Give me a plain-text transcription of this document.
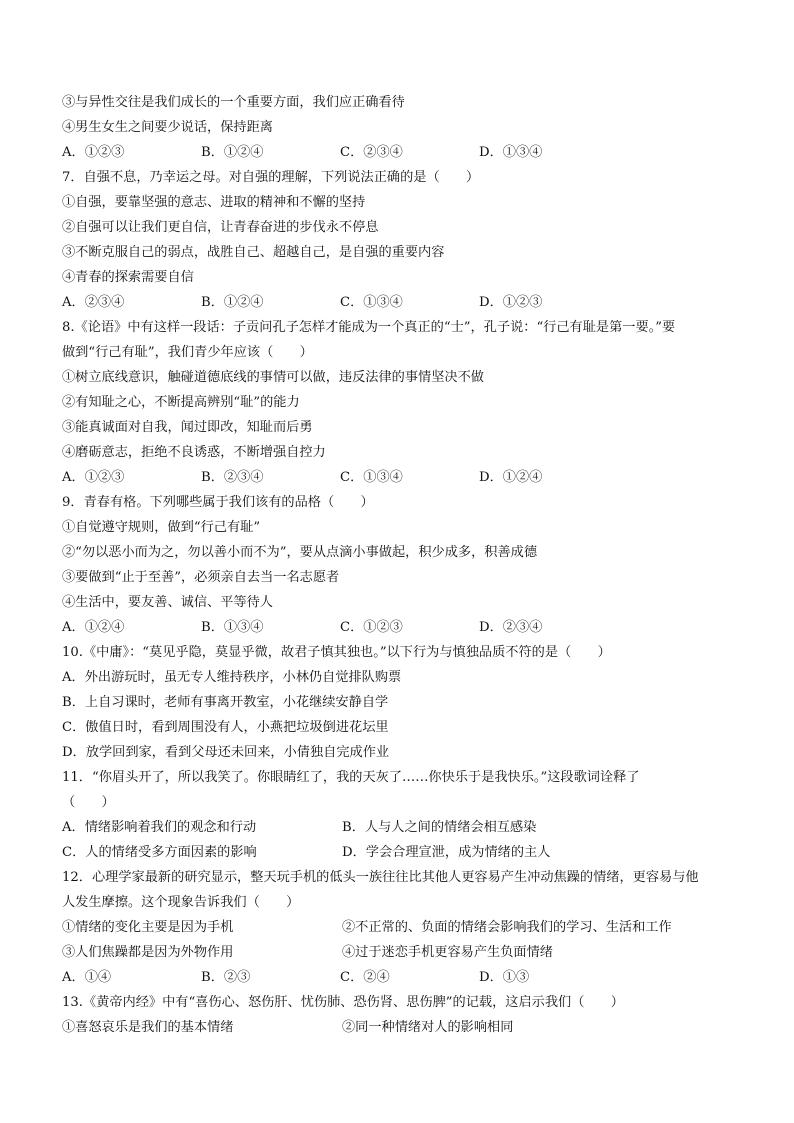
③与异性交往是我们成长的一个重要方面，我们应正确看待
④男生女生之间要少说话，保持距离
A．①②③	B．①②④	C．②③④	D．①③④
7．自强不息，乃幸运之母。对自强的理解，下列说法正确的是（　　）
①自强，要靠坚强的意志、进取的精神和不懈的坚持
②自强可以让我们更自信，让青春奋进的步伐永不停息
③不断克服自己的弱点，战胜自己、超越自己，是自强的重要内容
④青春的探索需要自信
A．②③④	B．①②④	C．①③④	D．①②③
8.《论语》中有这样一段话：子贡问孔子怎样才能成为一个真正的“士”，孔子说：“行己有耻是第一要。”要
做到“行己有耻”，我们青少年应该（　　）
①树立底线意识，触碰道德底线的事情可以做，违反法律的事情坚决不做
②有知耻之心，不断提高辨别“耻”的能力
③能真诚面对自我，闻过即改，知耻而后勇
④磨砺意志，拒绝不良诱惑，不断增强自控力
A．①②③	B．②③④	C．①③④	D．①②④
9．青春有格。下列哪些属于我们该有的品格（　　）
①自觉遵守规则，做到“行己有耻”
②“勿以恶小而为之，勿以善小而不为”，要从点滴小事做起，积少成多，积善成德
③要做到“止于至善”，必须亲自去当一名志愿者
④生活中，要友善、诚信、平等待人
A．①②④	B．①③④	C．①②③	D．②③④
10.《中庸》：“莫见乎隐，莫显乎微，故君子慎其独也。”以下行为与慎独品质不符的是（　　）
A．外出游玩时，虽无专人维持秩序，小林仍自觉排队购票
B．上自习课时，老师有事离开教室，小花继续安静自学
C．傲值日时，看到周围没有人，小燕把垃圾倒进花坛里
D．放学回到家，看到父母还未回来，小倩独自完成作业
11．“你眉头开了，所以我笑了。你眼睛红了，我的天灰了……你快乐于是我快乐。”这段歌词诠释了
（　　）
A．情绪影响着我们的观念和行动	B．人与人之间的情绪会相互感染
C．人的情绪受多方面因素的影响	D．学会合理宣泄，成为情绪的主人
12．心理学家最新的研究显示，整天玩手机的低头一族往往比其他人更容易产生冲动焦躁的情绪，更容易与他
人发生摩擦。这个现象告诉我们（　　）
①情绪的变化主要是因为手机	②不正常的、负面的情绪会影响我们的学习、生活和工作
③人们焦躁都是因为外物作用	④过于迷恋手机更容易产生负面情绪
A．①④	B．②③	C．②④	D．①③
13.《黄帝内经》中有“喜伤心、怒伤肝、忧伤肺、恐伤肾、思伤脾”的记载，这启示我们（　　）
①喜怒哀乐是我们的基本情绪	②同一种情绪对人的影响相同
